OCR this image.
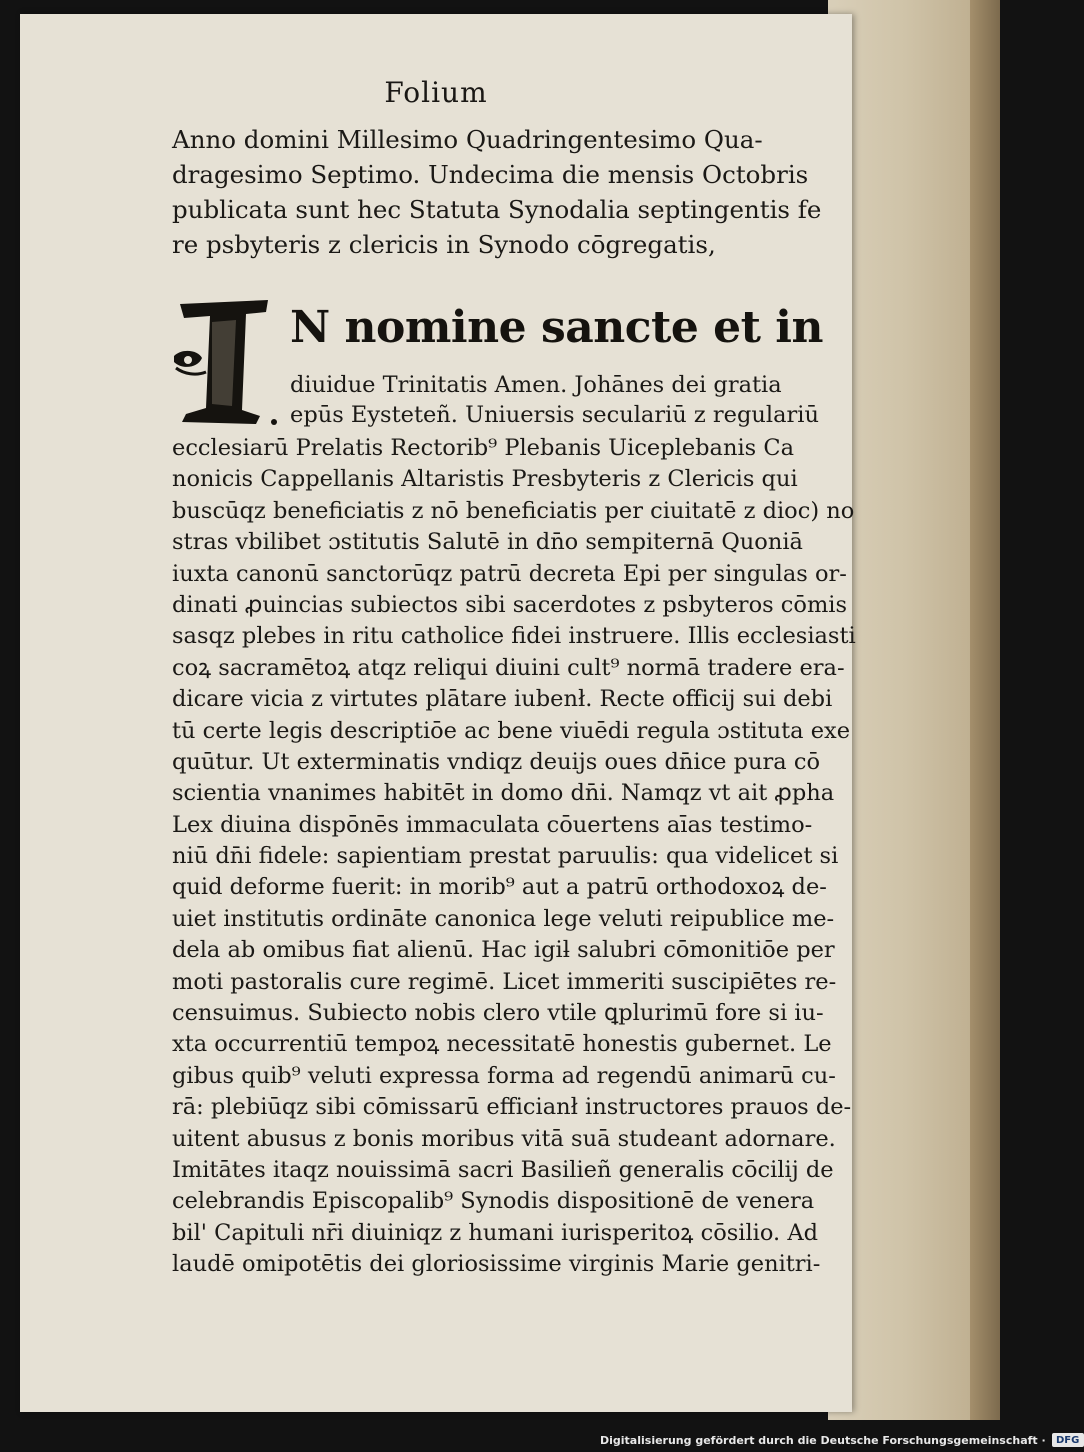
Folium
Anno domini Millesimo Quadringentesimo Qua-
dragesimo Septimo. Undecima die mensis Octobris
publicata sunt hec Statuta Synodalia septingentis fe
re psbyteris z clericis in Synodo cōgregatis,
N nomine sancte et in
diuidue Trinitatis Amen. Johānes dei gratia
epūs Eysteteñ. Uniuersis seculariū z regulariū
ecclesiarū Prelatis Rectorib⁹ Plebanis Uiceplebanis Ca
nonicis Cappellanis Altaristis Presbyteris z Clericis qui
buscūqz beneficiatis z nō beneficiatis per ciuitatē z dioc) no
stras vbilibet ɔstitutis Salutē in dn̄o sempiternā Quoniā
iuxta canonū sanctorūqz patrū decreta Epi per singulas or-
dinati ꝓuincias subiectos sibi sacerdotes z psbyteros cōmis
sasqz plebes in ritu catholice fidei instruere. Illis ecclesiasti
coꝝ sacramētoꝝ atqz reliqui diuini cult⁹ normā tradere era-
dicare vicia z virtutes plātare iubenł. Recte officij sui debi
tū certe legis descriptiōe ac bene viuēdi regula ɔstituta exe
quūtur. Ut exterminatis vndiqz deuijs oues dn̄ice pura cō
scientia vnanimes habitēt in domo dn̄i. Namqz vt ait ꝓpha
Lex diuina dispōnēs immaculata cōuertens aīas testimo-
niū dn̄i fidele: sapientiam prestat paruulis: qua videlicet si
quid deforme fuerit: in morib⁹ aut a patrū orthodoxoꝝ de-
uiet institutis ordināte canonica lege veluti reipublice me-
dela ab omibus fiat alienū. Hac igiƚ salubri cōmonitiōe per
moti pastoralis cure regimē. Licet immeriti suscipiētes re-
censuimus. Subiecto nobis clero vtile ꝗplurimū fore si iu-
xta occurrentiū tempoꝝ necessitatē honestis gubernet. Le
gibus quib⁹ veluti expressa forma ad regendū animarū cu-
rā: plebiūqz sibi cōmissarū efficianł instructores prauos de-
uitent abusus z bonis moribus vitā suā studeant adornare.
Imitātes itaqz nouissimā sacri Basilieñ generalis cōcilij de
celebrandis Episcopalib⁹ Synodis dispositionē de venera
bil' Capituli nr̄i diuiniqz z humani iurisperitoꝝ cōsilio. Ad
laudē omipotētis dei gloriosissime virginis Marie genitri-
Digitalisierung gefördert durch die Deutsche Forschungsgemeinschaft ·	DFG
